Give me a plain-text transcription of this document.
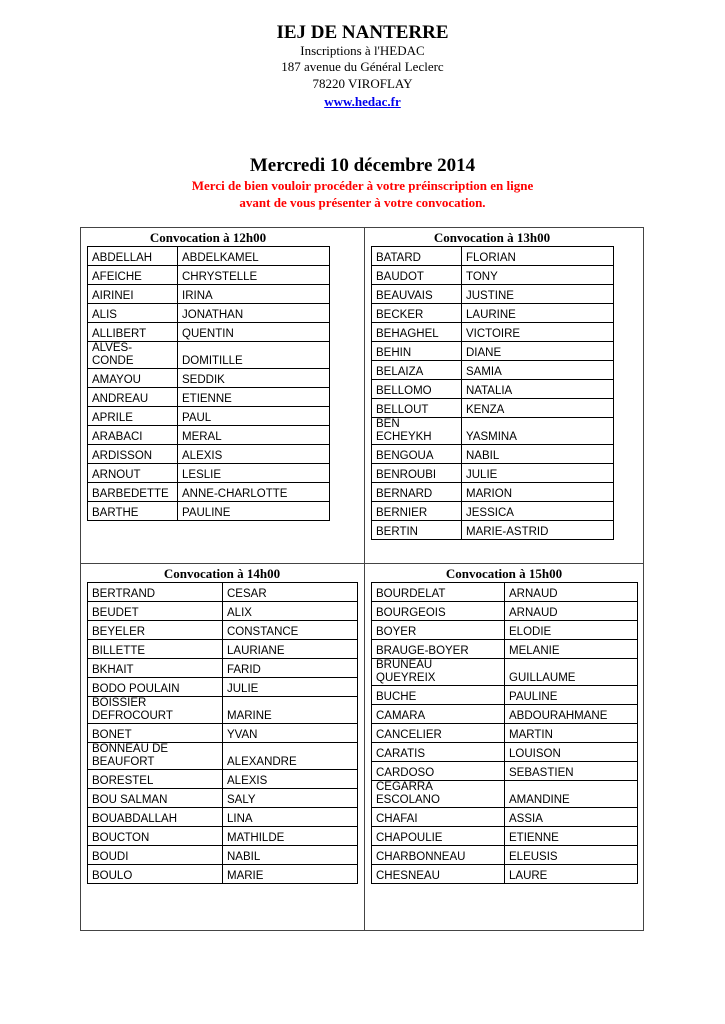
IEJ DE NANTERRE
Inscriptions à l'HEDAC
187 avenue du Général Leclerc
78220 VIROFLAY
www.hedac.fr
Mercredi 10 décembre 2014
Merci de bien vouloir procéder à votre préinscription en ligne
avant de vous présenter à votre convocation.
Convocation à 12h00
ABDELLAH	ABDELKAMEL
AFEICHE	CHRYSTELLE
AIRINEI	IRINA
ALIS	JONATHAN
ALLIBERT	QUENTIN
ALVES-
CONDE	DOMITILLE
AMAYOU	SEDDIK
ANDREAU	ETIENNE
APRILE	PAUL
ARABACI	MERAL
ARDISSON	ALEXIS
ARNOUT	LESLIE
BARBEDETTE	ANNE-CHARLOTTE
BARTHE	PAULINE
Convocation à 13h00
BATARD	FLORIAN
BAUDOT	TONY
BEAUVAIS	JUSTINE
BECKER	LAURINE
BEHAGHEL	VICTOIRE
BEHIN	DIANE
BELAIZA	SAMIA
BELLOMO	NATALIA
BELLOUT	KENZA
BEN
ECHEYKH	YASMINA
BENGOUA	NABIL
BENROUBI	JULIE
BERNARD	MARION
BERNIER	JESSICA
BERTIN	MARIE-ASTRID
Convocation à 14h00
BERTRAND	CESAR
BEUDET	ALIX
BEYELER	CONSTANCE
BILLETTE	LAURIANE
BKHAIT	FARID
BODO POULAIN	JULIE
BOISSIER
DEFROCOURT	MARINE
BONET	YVAN
BONNEAU DE
BEAUFORT	ALEXANDRE
BORESTEL	ALEXIS
BOU SALMAN	SALY
BOUABDALLAH	LINA
BOUCTON	MATHILDE
BOUDI	NABIL
BOULO	MARIE
Convocation à 15h00
BOURDELAT	ARNAUD
BOURGEOIS	ARNAUD
BOYER	ELODIE
BRAUGE-BOYER	MELANIE
BRUNEAU
QUEYREIX	GUILLAUME
BUCHE	PAULINE
CAMARA	ABDOURAHMANE
CANCELIER	MARTIN
CARATIS	LOUISON
CARDOSO	SEBASTIEN
CEGARRA
ESCOLANO	AMANDINE
CHAFAI	ASSIA
CHAPOULIE	ETIENNE
CHARBONNEAU	ELEUSIS
CHESNEAU	LAURE
